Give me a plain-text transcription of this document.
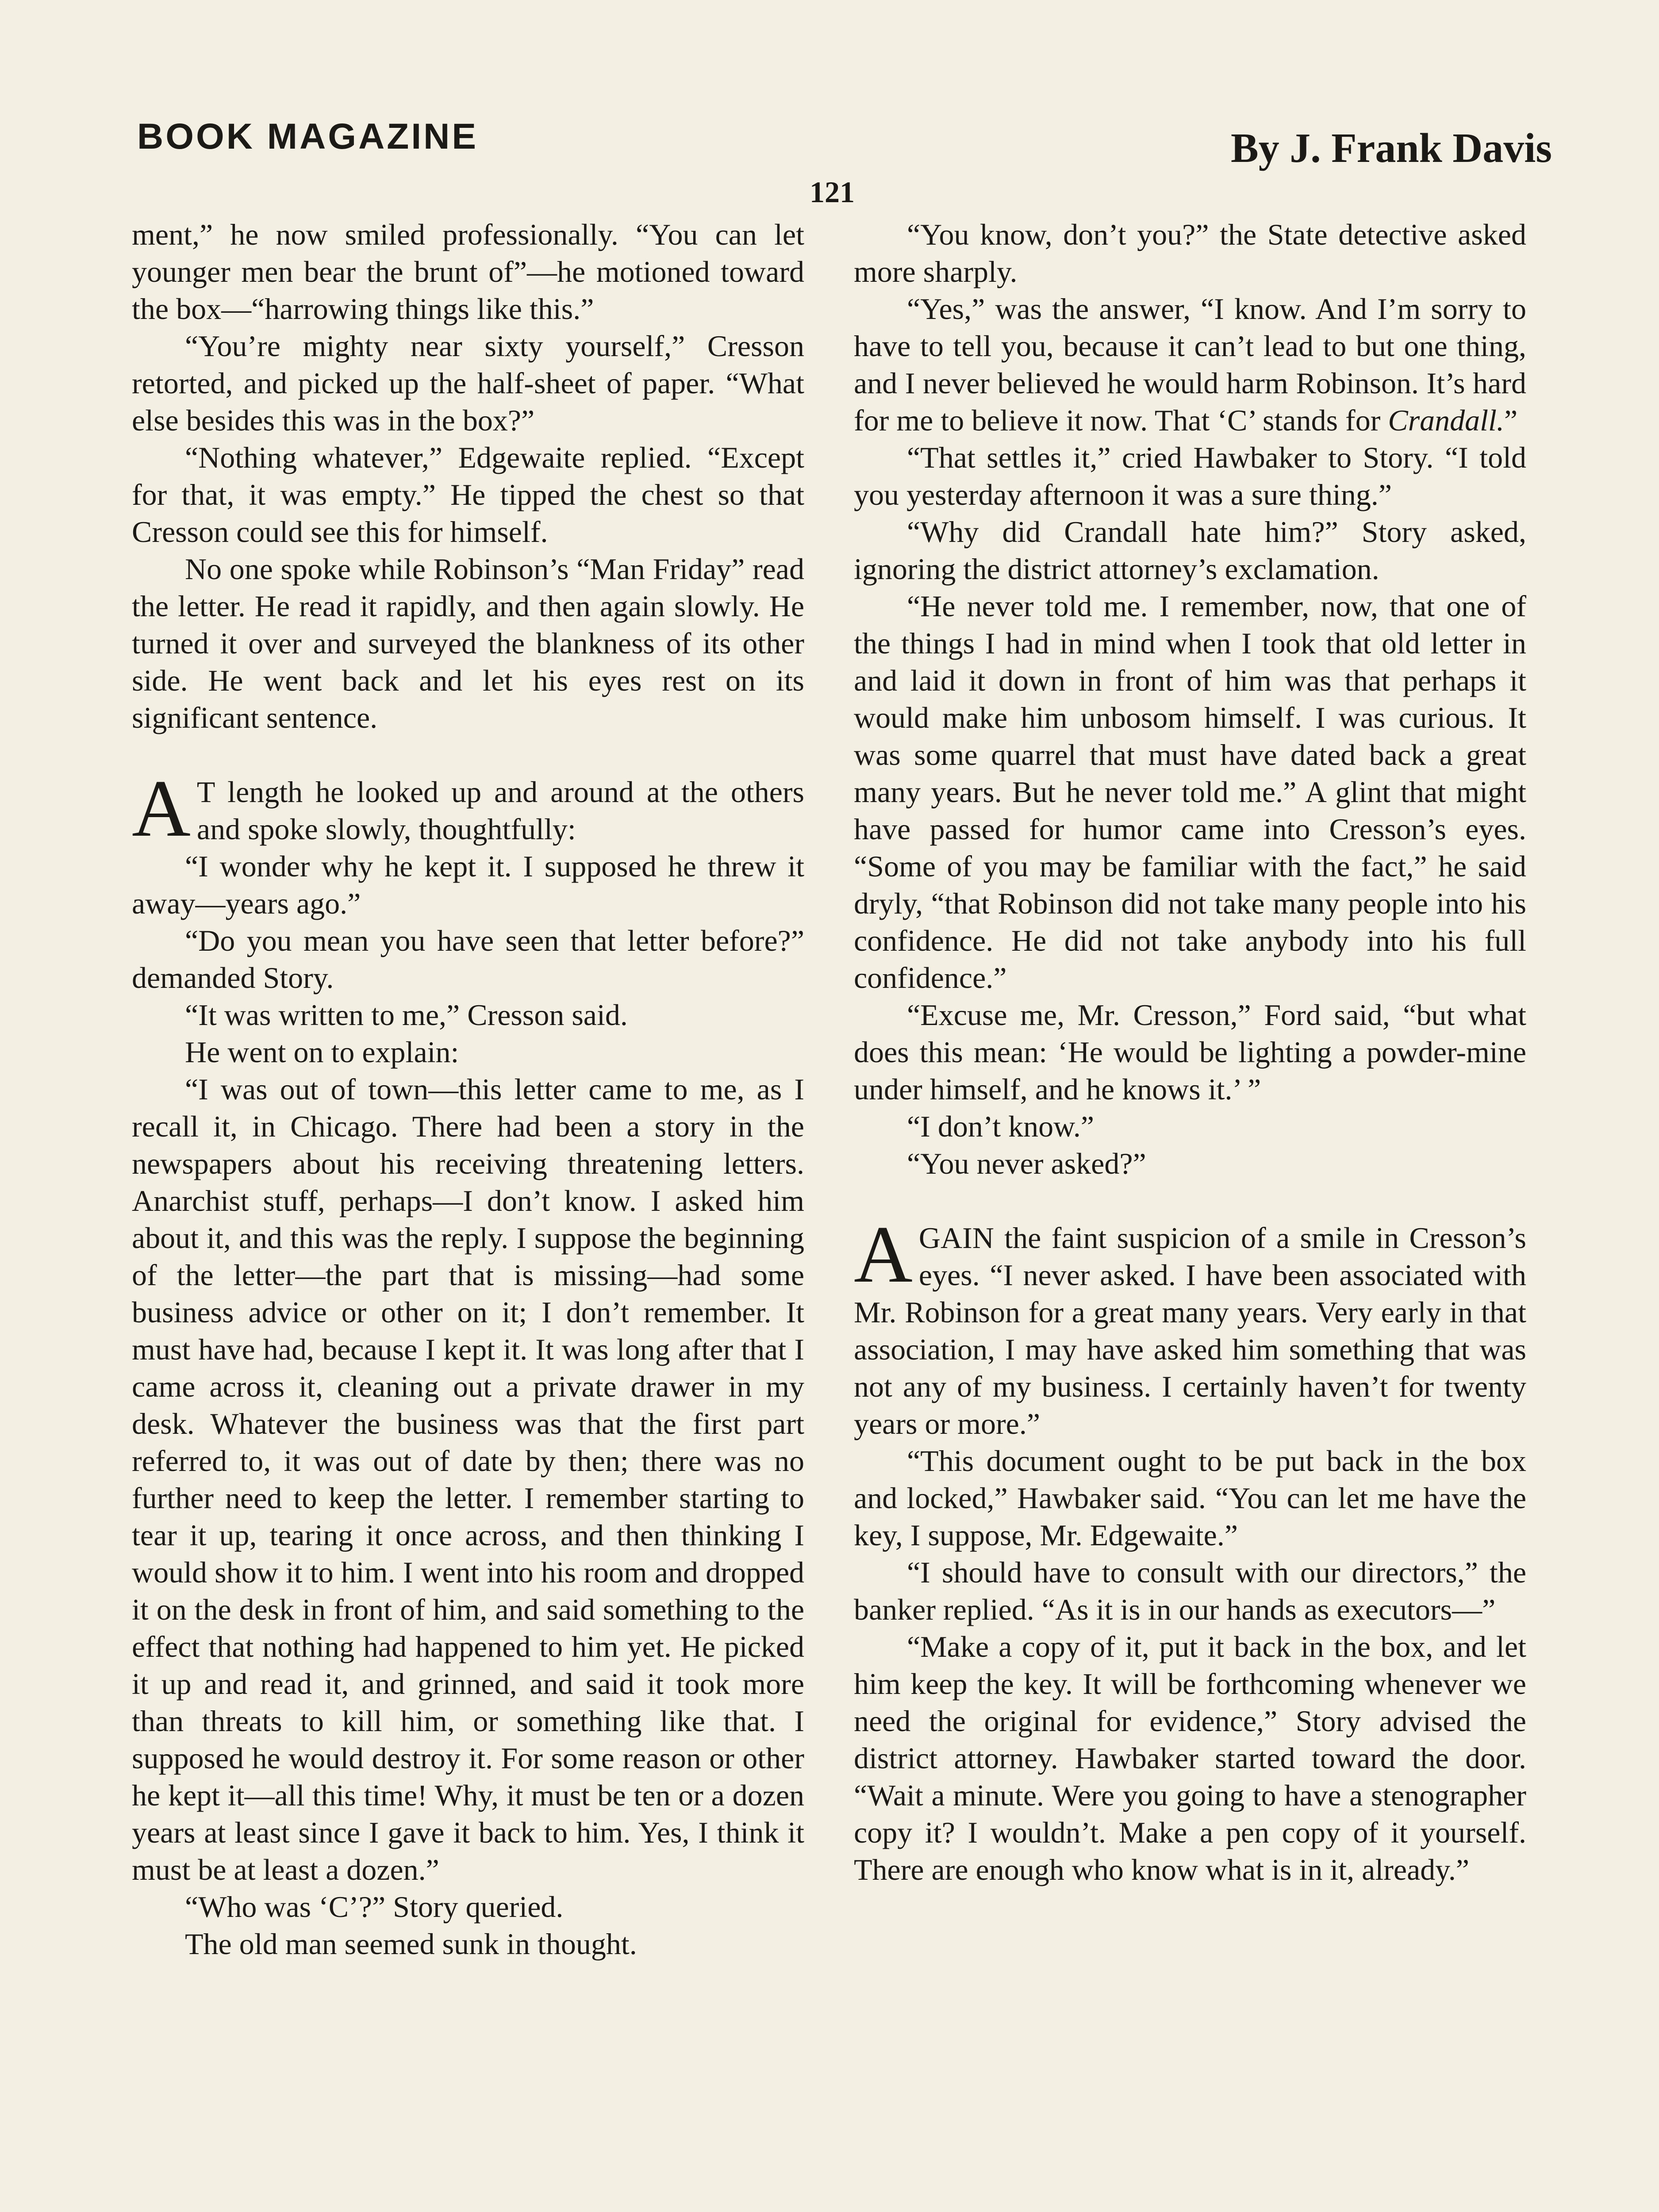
BOOK MAGAZINE	By J. Frank Davis
121

ment,” he now smiled professionally. “You can let younger men bear the brunt of”—he motioned toward the box—“harrowing things like this.”

“You’re mighty near sixty yourself,” Cresson retorted, and picked up the half-sheet of paper. “What else besides this was in the box?”

“Nothing whatever,” Edgewaite replied. “Except for that, it was empty.” He tipped the chest so that Cresson could see this for himself.

No one spoke while Robinson’s “Man Friday” read the letter. He read it rapidly, and then again slowly. He turned it over and surveyed the blankness of its other side. He went back and let his eyes rest on its significant sentence.

A T length he looked up and around at the others and spoke slowly, thoughtfully:

“I wonder why he kept it. I supposed he threw it away—years ago.”

“Do you mean you have seen that letter before?” demanded Story.

“It was written to me,” Cresson said.

He went on to explain:

“I was out of town—this letter came to me, as I recall it, in Chicago. There had been a story in the newspapers about his receiving threatening letters. Anarchist stuff, perhaps—I don’t know. I asked him about it, and this was the reply. I suppose the beginning of the letter—the part that is missing—had some business advice or other on it; I don’t remember. It must have had, because I kept it. It was long after that I came across it, cleaning out a private drawer in my desk. Whatever the business was that the first part referred to, it was out of date by then; there was no further need to keep the letter. I remember starting to tear it up, tearing it once across, and then thinking I would show it to him. I went into his room and dropped it on the desk in front of him, and said something to the effect that nothing had happened to him yet. He picked it up and read it, and grinned, and said it took more than threats to kill him, or something like that. I supposed he would destroy it. For some reason or other he kept it—all this time! Why, it must be ten or a dozen years at least since I gave it back to him. Yes, I think it must be at least a dozen.”

“Who was ‘C’?” Story queried.

The old man seemed sunk in thought.

“You know, don’t you?” the State detective asked more sharply.

“Yes,” was the answer, “I know. And I’m sorry to have to tell you, because it can’t lead to but one thing, and I never believed he would harm Robinson. It’s hard for me to believe it now. That ‘C’ stands for Crandall.”

“That settles it,” cried Hawbaker to Story. “I told you yesterday afternoon it was a sure thing.”

“Why did Crandall hate him?” Story asked, ignoring the district attorney’s exclamation.

“He never told me. I remember, now, that one of the things I had in mind when I took that old letter in and laid it down in front of him was that perhaps it would make him unbosom himself. I was curious. It was some quarrel that must have dated back a great many years. But he never told me.” A glint that might have passed for humor came into Cresson’s eyes. “Some of you may be familiar with the fact,” he said dryly, “that Robinson did not take many people into his confidence. He did not take anybody into his full confidence.”

“Excuse me, Mr. Cresson,” Ford said, “but what does this mean: ‘He would be lighting a powder-mine under himself, and he knows it.’ ”

“I don’t know.”

“You never asked?”

AGAIN the faint suspicion of a smile in Cresson’s eyes. “I never asked. I have been associated with Mr. Robinson for a great many years. Very early in that association, I may have asked him something that was not any of my business. I certainly haven’t for twenty years or more.”

“This document ought to be put back in the box and locked,” Hawbaker said. “You can let me have the key, I suppose, Mr. Edgewaite.”

“I should have to consult with our directors,” the banker replied. “As it is in our hands as executors—”

“Make a copy of it, put it back in the box, and let him keep the key. It will be forthcoming whenever we need the original for evidence,” Story advised the district attorney. Hawbaker started toward the door. “Wait a minute. Were you going to have a stenographer copy it? I wouldn’t. Make a pen copy of it yourself. There are enough who know what is in it, already.”
